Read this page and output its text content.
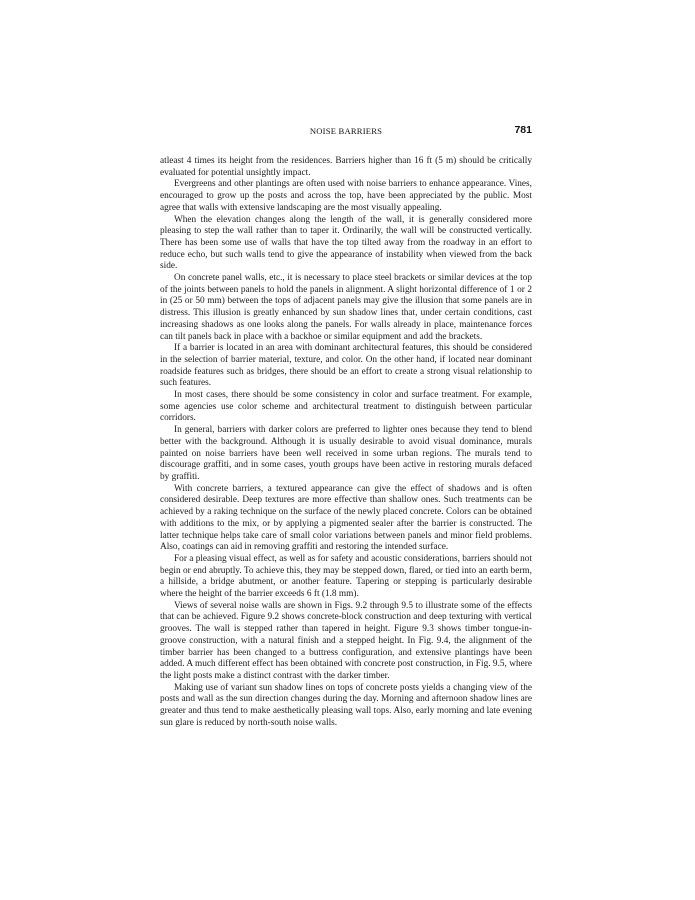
NOISE BARRIERS	781

atleast 4 times its height from the residences. Barriers higher than 16 ft (5 m) should be critically evaluated for potential unsightly impact.

Evergreens and other plantings are often used with noise barriers to enhance appearance. Vines, encouraged to grow up the posts and across the top, have been appreciated by the public. Most agree that walls with extensive landscaping are the most visually appealing.

When the elevation changes along the length of the wall, it is generally considered more pleasing to step the wall rather than to taper it. Ordinarily, the wall will be constructed vertically. There has been some use of walls that have the top tilted away from the roadway in an effort to reduce echo, but such walls tend to give the appearance of instability when viewed from the back side.

On concrete panel walls, etc., it is necessary to place steel brackets or similar devices at the top of the joints between panels to hold the panels in alignment. A slight horizontal difference of 1 or 2 in (25 or 50 mm) between the tops of adjacent panels may give the illusion that some panels are in distress. This illusion is greatly enhanced by sun shadow lines that, under certain conditions, cast increasing shadows as one looks along the panels. For walls already in place, maintenance forces can tilt panels back in place with a backhoe or similar equipment and add the brackets.

If a barrier is located in an area with dominant architectural features, this should be considered in the selection of barrier material, texture, and color. On the other hand, if located near dominant roadside features such as bridges, there should be an effort to create a strong visual relationship to such features.

In most cases, there should be some consistency in color and surface treatment. For example, some agencies use color scheme and architectural treatment to distinguish between particular corridors.

In general, barriers with darker colors are preferred to lighter ones because they tend to blend better with the background. Although it is usually desirable to avoid visual dominance, murals painted on noise barriers have been well received in some urban regions. The murals tend to discourage graffiti, and in some cases, youth groups have been active in restoring murals defaced by graffiti.

With concrete barriers, a textured appearance can give the effect of shadows and is often considered desirable. Deep textures are more effective than shallow ones. Such treatments can be achieved by a raking technique on the surface of the newly placed concrete. Colors can be obtained with additions to the mix, or by applying a pigmented sealer after the barrier is constructed. The latter technique helps take care of small color variations between panels and minor field problems. Also, coatings can aid in removing graffiti and restoring the intended surface.

For a pleasing visual effect, as well as for safety and acoustic considerations, barriers should not begin or end abruptly. To achieve this, they may be stepped down, flared, or tied into an earth berm, a hillside, a bridge abutment, or another feature. Tapering or stepping is particularly desirable where the height of the barrier exceeds 6 ft (1.8 mm).

Views of several noise walls are shown in Figs. 9.2 through 9.5 to illustrate some of the effects that can be achieved. Figure 9.2 shows concrete-block construction and deep texturing with vertical grooves. The wall is stepped rather than tapered in height. Figure 9.3 shows timber tongue-in-groove construction, with a natural finish and a stepped height. In Fig. 9.4, the alignment of the timber barrier has been changed to a buttress configuration, and extensive plantings have been added. A much different effect has been obtained with concrete post construction, in Fig. 9.5, where the light posts make a distinct contrast with the darker timber.

Making use of variant sun shadow lines on tops of concrete posts yields a changing view of the posts and wall as the sun direction changes during the day. Morning and afternoon shadow lines are greater and thus tend to make aesthetically pleasing wall tops. Also, early morning and late evening sun glare is reduced by north-south noise walls.
